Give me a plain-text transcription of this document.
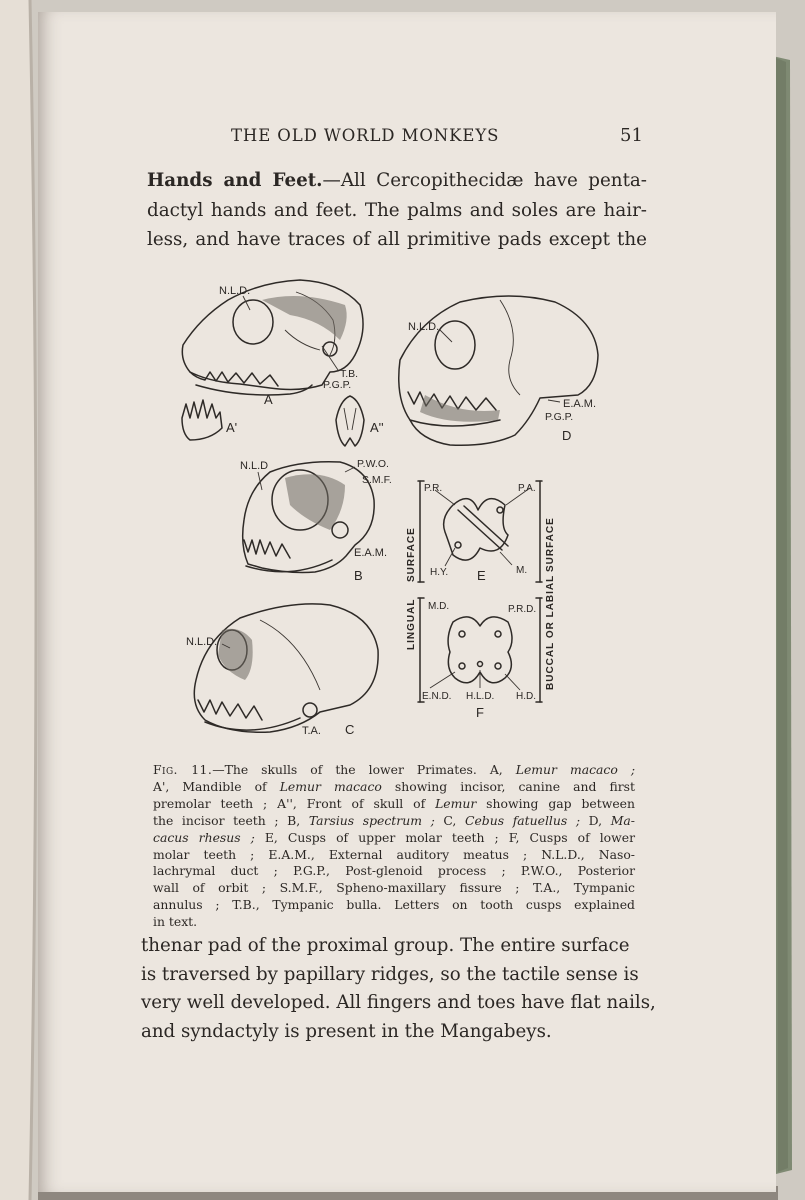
THE OLD WORLD MONKEYS	51

Hands and Feet.—All Cercopithecidæ have penta-
dactyl hands and feet. The palms and soles are hair-
less, and have traces of all primitive pads except the

N.L.D.
T.B.
P.G.P.
A
A'	A''
N.L.D.
E.A.M.
P.G.P.
D
N.L.D	P.W.O.
S.M.F.
E.A.M.
B
N.L.D.
T.A. C
P.R.	P.A.
H.Y. E	M.
M.D.	P.R.D.
E.N.D. H.L.D. H.D.
F
SURFACE
LINGUAL	BUCCAL OR LABIAL
SURFACE
Fig. 11.—The skulls of the lower Primates. A, Lemur macaco ;
A', Mandible of Lemur macaco showing incisor, canine and first
premolar teeth ; A'', Front of skull of Lemur showing gap between
the incisor teeth ; B, Tarsius spectrum ; C, Cebus fatuellus ; D, Ma-
cacus rhesus ; E, Cusps of upper molar teeth ; F, Cusps of lower
molar teeth ; E.A.M., External auditory meatus ; N.L.D., Naso-
lachrymal duct ; P.G.P., Post-glenoid process ; P.W.O., Posterior
wall of orbit ; S.M.F., Spheno-maxillary fissure ; T.A., Tympanic
annulus ; T.B., Tympanic bulla. Letters on tooth cusps explained
in text.

thenar pad of the proximal group. The entire surface
is traversed by papillary ridges, so the tactile sense is
very well developed. All fingers and toes have flat nails,
and syndactyly is present in the Mangabeys.
